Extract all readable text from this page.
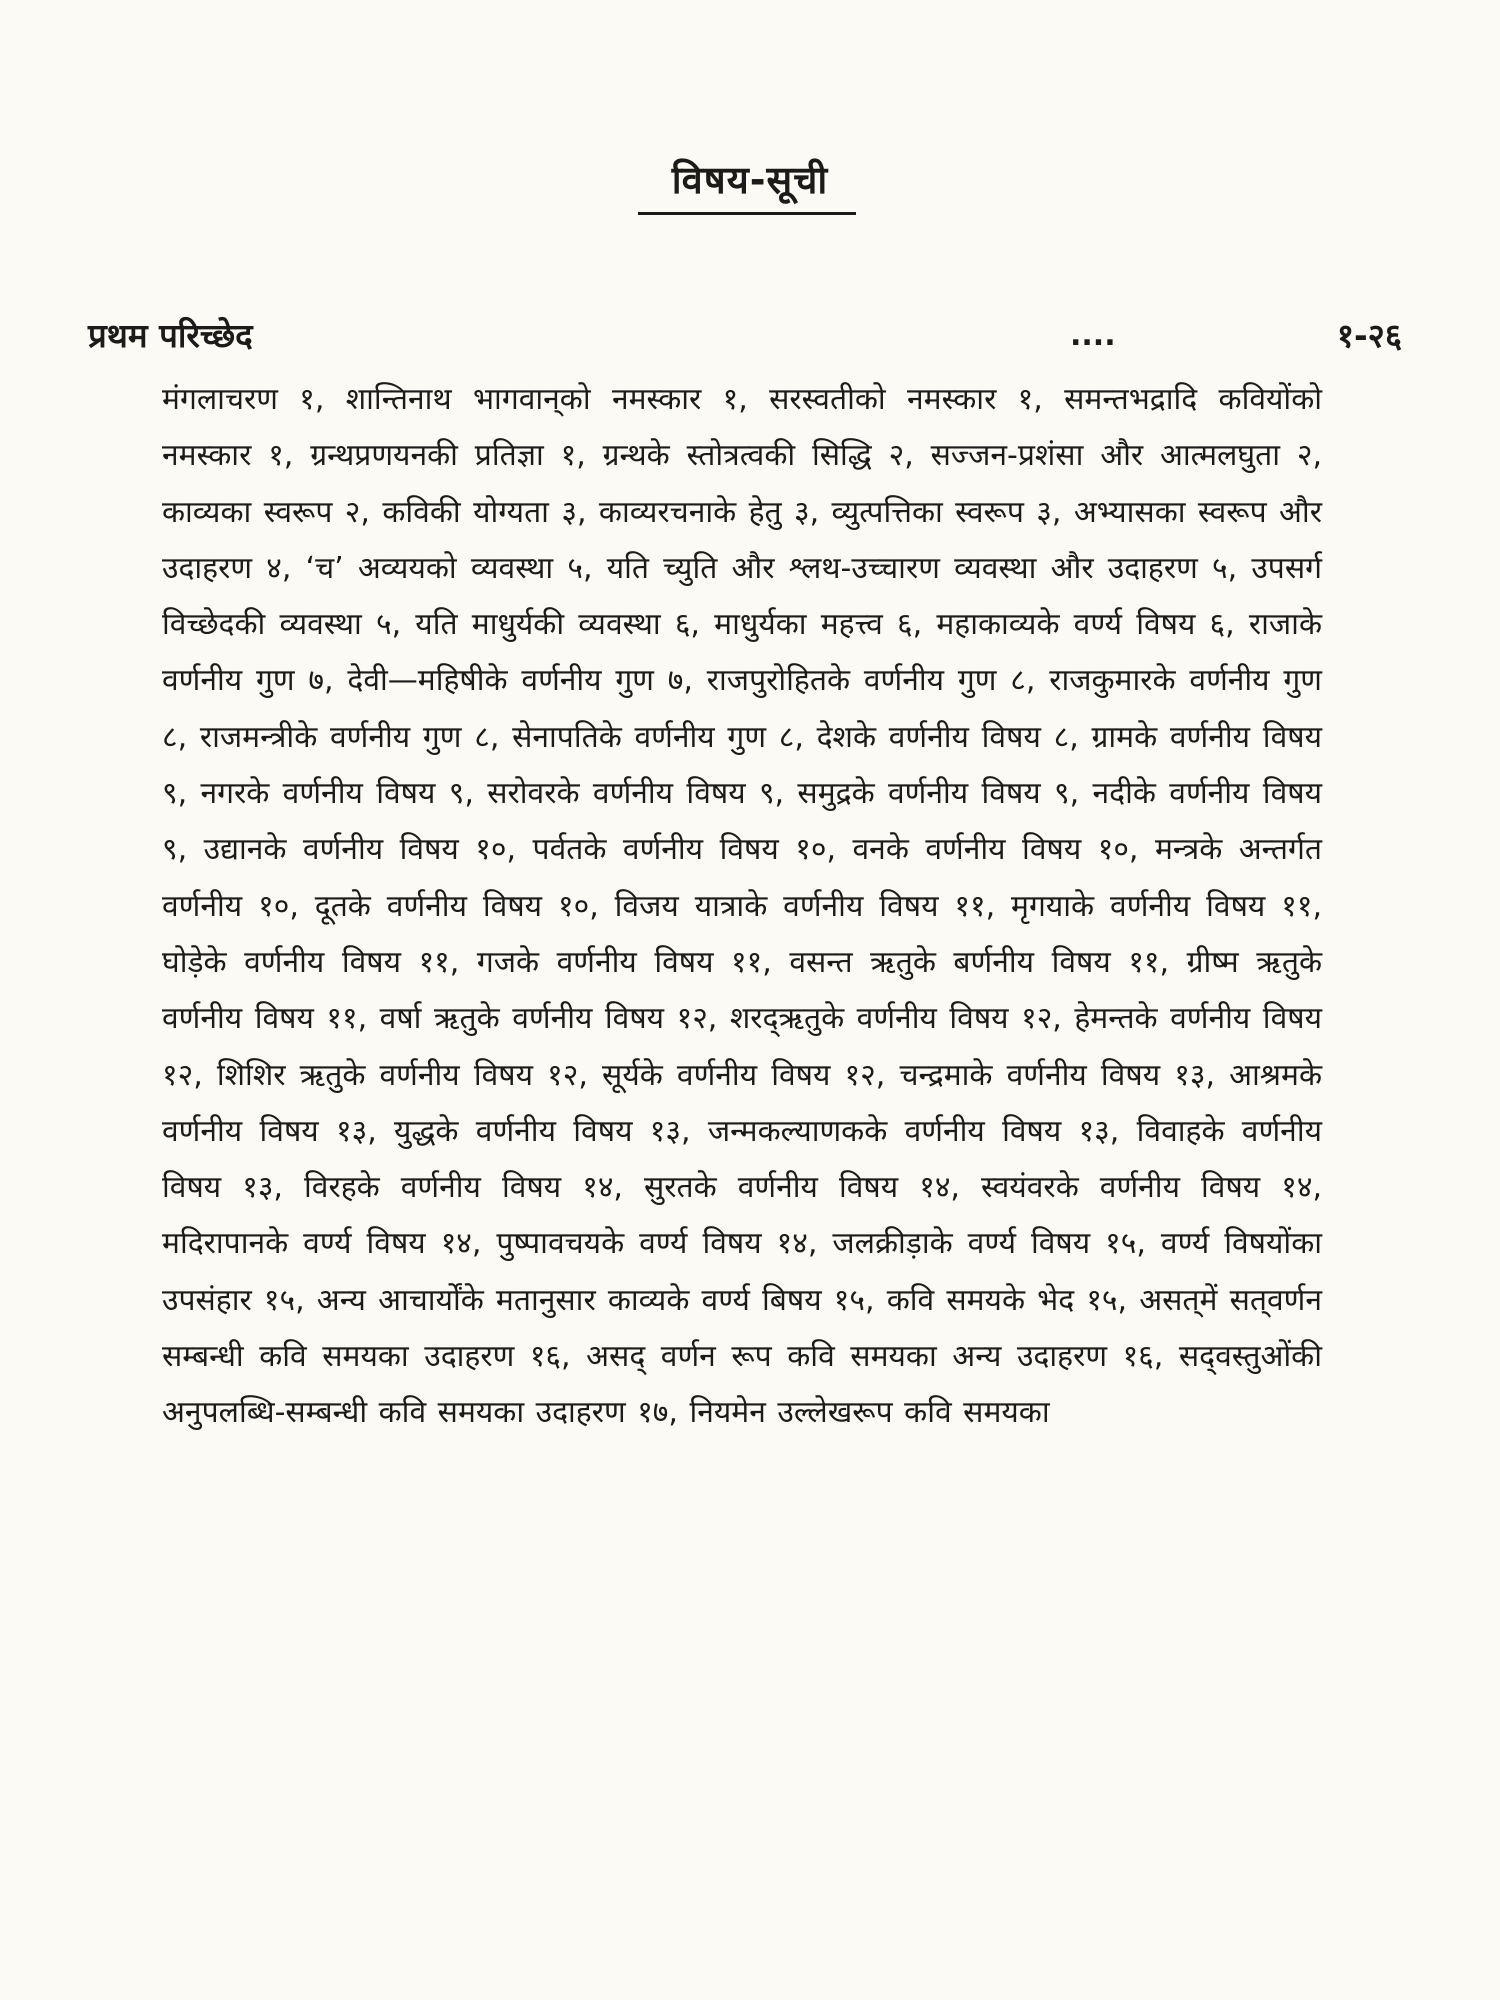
विषय-सूची
प्रथम परिच्छेद	....	१-२६
मंगलाचरण १, शान्तिनाथ भागवान्‌को नमस्कार १, सरस्वतीको नमस्कार १, समन्तभद्रादि कवियोंको नमस्कार १, ग्रन्थप्रणयनकी प्रतिज्ञा १, ग्रन्थके स्तोत्रत्वकी सिद्धि २, सज्जन-प्रशंसा और आत्मलघुता २, काव्यका स्वरूप २, कविकी योग्यता ३, काव्यरचनाके हेतु ३, व्युत्पत्तिका स्वरूप ३, अभ्यासका स्वरूप और उदाहरण ४, ‘च’ अव्ययको व्यवस्था ५, यति च्युति और श्लथ-उच्चारण व्यवस्था और उदाहरण ५, उपसर्ग विच्छेदकी व्यवस्था ५, यति माधुर्यकी व्यवस्था ६, माधुर्यका महत्त्व ६, महाकाव्यके वर्ण्य विषय ६, राजाके वर्णनीय गुण ७, देवी—महिषीके वर्णनीय गुण ७, राजपुरोहितके वर्णनीय गुण ८, राजकुमारके वर्णनीय गुण ८, राजमन्त्रीके वर्णनीय गुण ८, सेनापतिके वर्णनीय गुण ८, देशके वर्णनीय विषय ८, ग्रामके वर्णनीय विषय ९, नगरके वर्णनीय विषय ९, सरोवरके वर्णनीय विषय ९, समुद्रके वर्णनीय विषय ९, नदीके वर्णनीय विषय ९, उद्यानके वर्णनीय विषय १०, पर्वतके वर्णनीय विषय १०, वनके वर्णनीय विषय १०, मन्त्रके अन्तर्गत वर्णनीय १०, दूतके वर्णनीय विषय १०, विजय यात्राके वर्णनीय विषय ११, मृगयाके वर्णनीय विषय ११, घोड़ेके वर्णनीय विषय ११, गजके वर्णनीय विषय ११, वसन्त ऋतुके बर्णनीय विषय ११, ग्रीष्म ऋतुके वर्णनीय विषय ११, वर्षा ऋतुके वर्णनीय विषय १२, शरद्‌ऋतुके वर्णनीय विषय १२, हेमन्तके वर्णनीय विषय १२, शिशिर ऋतुके वर्णनीय विषय १२, सूर्यके वर्णनीय विषय १२, चन्द्रमाके वर्णनीय विषय १३, आश्रमके वर्णनीय विषय १३, युद्धके वर्णनीय विषय १३, जन्मकल्याणकके वर्णनीय विषय १३, विवाहके वर्णनीय विषय १३, विरहके वर्णनीय विषय १४, सुरतके वर्णनीय विषय १४, स्वयंवरके वर्णनीय विषय १४, मदिरापानके वर्ण्य विषय १४, पुष्पावचयके वर्ण्य विषय १४, जलक्रीड़ाके वर्ण्य विषय १५, वर्ण्य विषयोंका उपसंहार १५, अन्य आचार्योंके मतानुसार काव्यके वर्ण्य बिषय १५, कवि समयके भेद १५, असत्‌में सत्‌वर्णन सम्बन्धी कवि समयका उदाहरण १६, असद्‌ वर्णन रूप कवि समयका अन्य उदाहरण १६, सद्‌वस्तुओंकी अनुपलब्धि-सम्बन्धी कवि समयका उदाहरण १७, नियमेन उल्लेखरूप कवि समयका
